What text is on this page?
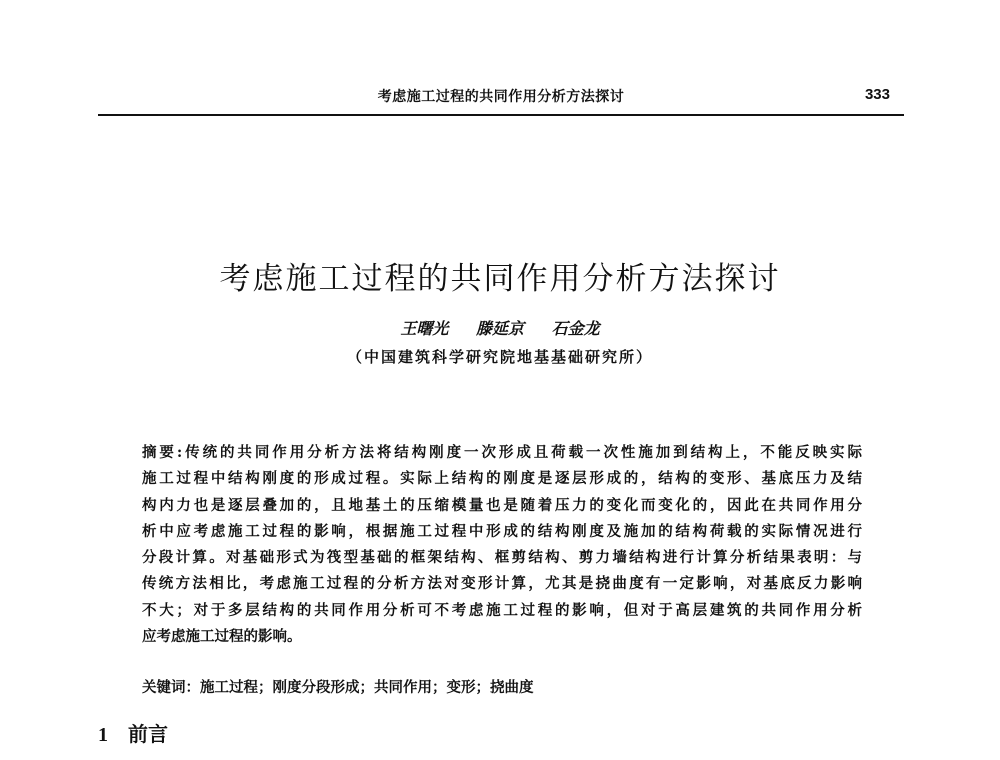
考虑施工过程的共同作用分析方法探讨	333
考虑施工过程的共同作用分析方法探讨
王曙光 滕延京 石金龙
（中国建筑科学研究院地基基础研究所）
摘要:传统的共同作用分析方法将结构刚度一次形成且荷载一次性施加到结构上，不能反映实际
施工过程中结构刚度的形成过程。实际上结构的刚度是逐层形成的，结构的变形、基底压力及结
构内力也是逐层叠加的，且地基土的压缩模量也是随着压力的变化而变化的，因此在共同作用分
析中应考虑施工过程的影响，根据施工过程中形成的结构刚度及施加的结构荷载的实际情况进行
分段计算。对基础形式为筏型基础的框架结构、框剪结构、剪力墙结构进行计算分析结果表明：与
传统方法相比，考虑施工过程的分析方法对变形计算，尤其是挠曲度有一定影响，对基底反力影响
不大；对于多层结构的共同作用分析可不考虑施工过程的影响，但对于高层建筑的共同作用分析
应考虑施工过程的影响。
关键词：施工过程；刚度分段形成；共同作用；变形；挠曲度
1 前言
